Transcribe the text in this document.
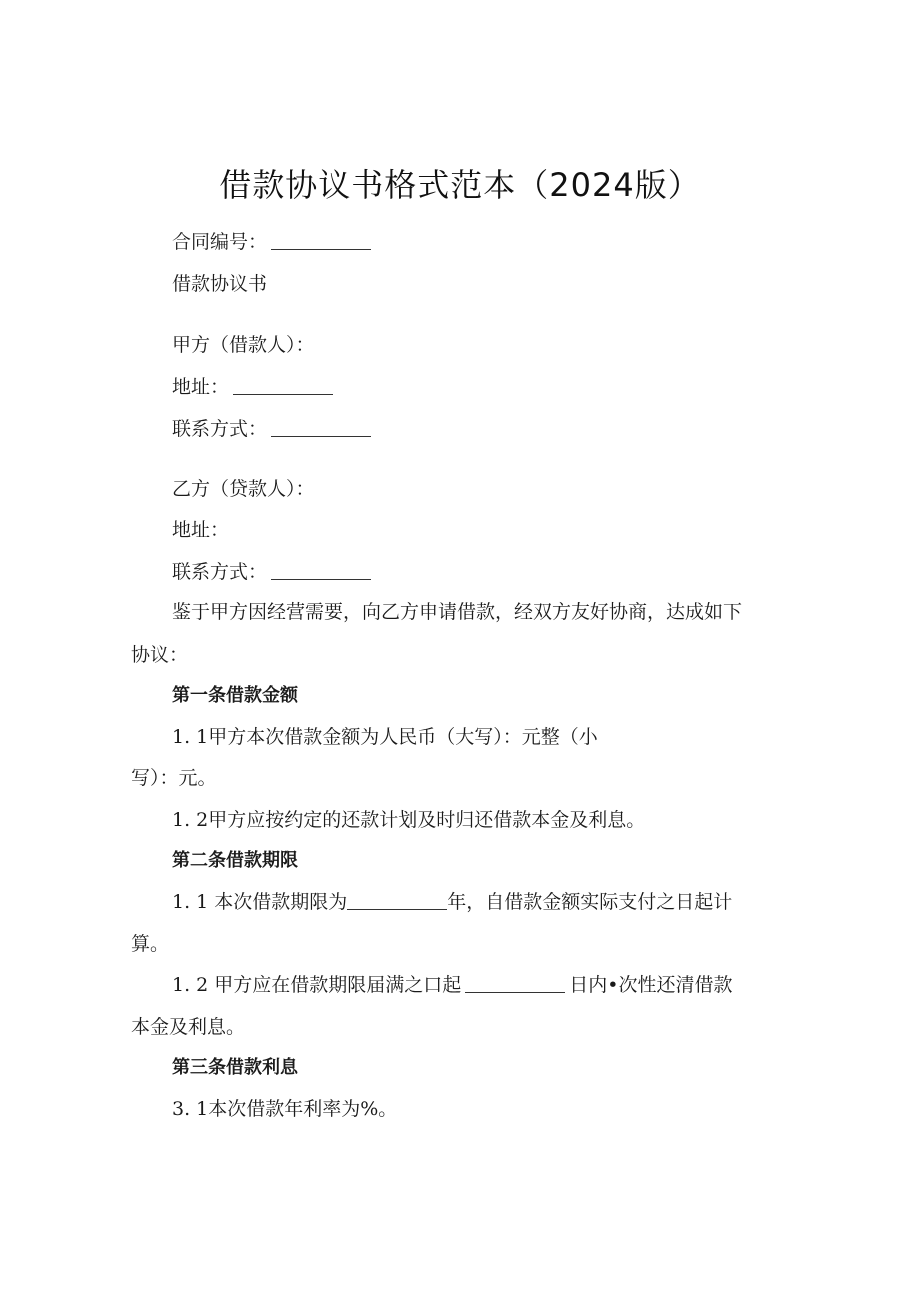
借款协议书格式范本（2024版）
合同编号：
借款协议书
甲方（借款人）：
地址：
联系方式：
乙方（贷款人）：
地址：
联系方式：
鉴于甲方因经营需要，向乙方申请借款，经双方友好协商，达成如下
协议：
第一条借款金额
1. 1甲方本次借款金额为人民币（大写）：元整（小
写）：元。
1. 2甲方应按约定的还款计划及时归还借款本金及利息。
第二条借款期限
1. 1 本次借款期限为	年，自借款金额实际支付之日起计
算。
1. 2 甲方应在借款期限届满之口起	日内•次性还清借款
本金及利息。
第三条借款利息
3. 1本次借款年利率为%。
